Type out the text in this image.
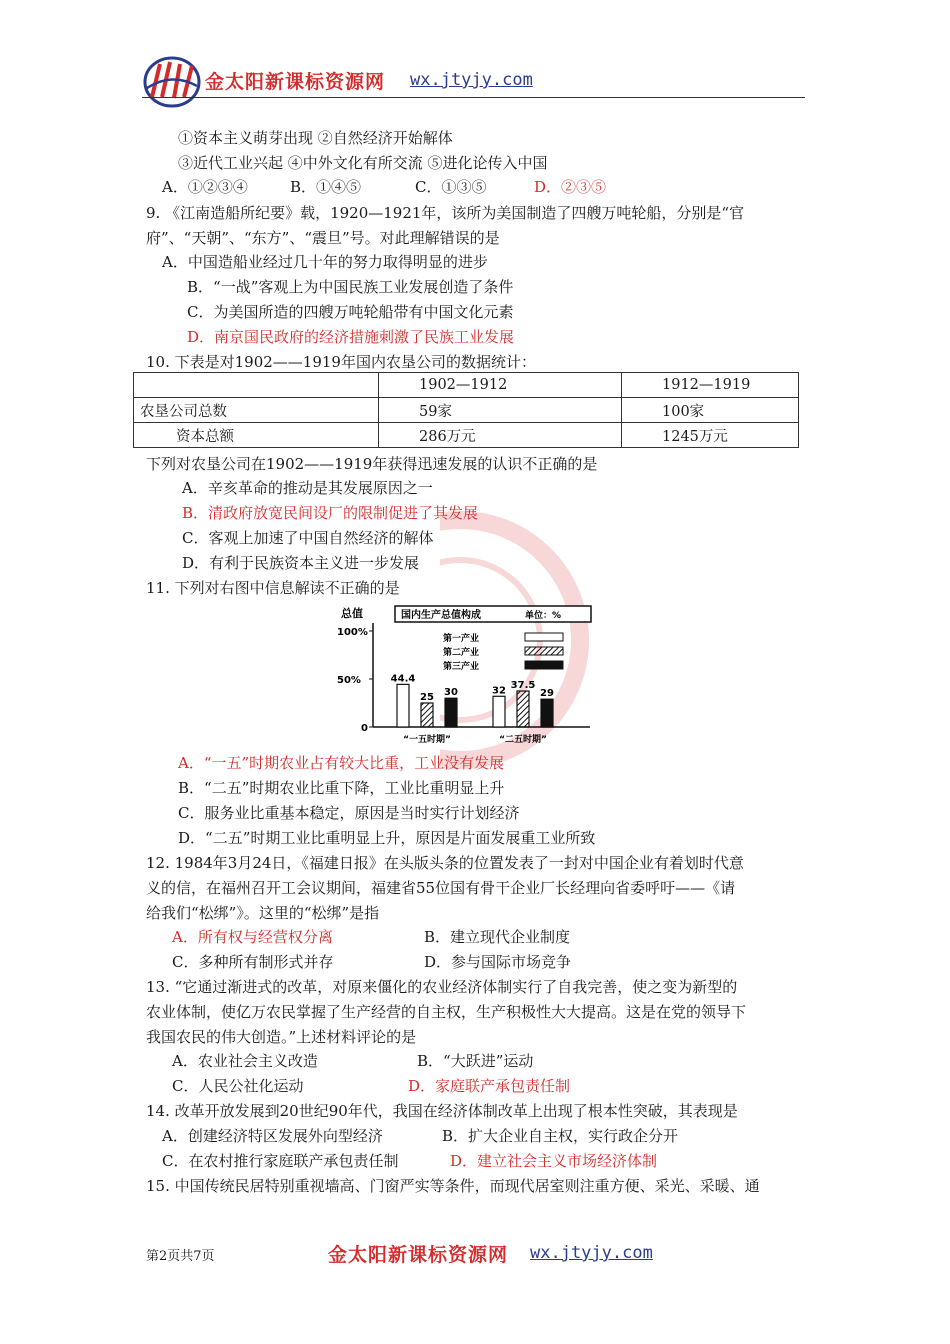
金太阳新课标资源网 wx.jtyjy.com
①资本主义萌芽出现 ②自然经济开始解体
③近代工业兴起 ④中外文化有所交流 ⑤进化论传入中国
A．①②③④	B．①④⑤	C．①③⑤	D．②③⑤
9. 《江南造船所纪要》载，1920—1921年，该所为美国制造了四艘万吨轮船，分别是“官
府”、“天朝”、“东方”、“震旦”号。对此理解错误的是
A．中国造船业经过几十年的努力取得明显的进步
B．“一战”客观上为中国民族工业发展创造了条件
C．为美国所造的四艘万吨轮船带有中国文化元素
D．南京国民政府的经济措施刺激了民族工业发展
10. 下表是对1902——1919年国内农垦公司的数据统计：
	1902—1912	1912—1919
农垦公司总数	59家	100家
资本总额	286万元	1245万元
下列对农垦公司在1902——1919年获得迅速发展的认识不正确的是
A．辛亥革命的推动是其发展原因之一
B．清政府放宽民间设厂的限制促进了其发展
C．客观上加速了中国自然经济的解体
D．有利于民族资本主义进一步发展
11. 下列对右图中信息解读不正确的是
总值
100%
50%
0
国内生产总值构成	单位：%
第一产业
第二产业
第三产业
44.4
25 30
“一五时期”
32 37.5
29
“二五时期”
A．“一五”时期农业占有较大比重，工业没有发展
B．“二五”时期农业比重下降，工业比重明显上升
C．服务业比重基本稳定，原因是当时实行计划经济
D．“二五”时期工业比重明显上升，原因是片面发展重工业所致
12. 1984年3月24日，《福建日报》在头版头条的位置发表了一封对中国企业有着划时代意
义的信，在福州召开工会议期间，福建省55位国有骨干企业厂长经理向省委呼吁——《请
给我们“松绑”》。这里的“松绑”是指
A．所有权与经营权分离	B．建立现代企业制度
C．多种所有制形式并存	D．参与国际市场竞争
13. “它通过渐进式的改革，对原来僵化的农业经济体制实行了自我完善，使之变为新型的
农业体制，使亿万农民掌握了生产经营的自主权，生产积极性大大提高。这是在党的领导下
我国农民的伟大创造。”上述材料评论的是
A．农业社会主义改造	B．“大跃进”运动
C．人民公社化运动	D．家庭联产承包责任制
14. 改革开放发展到20世纪90年代，我国在经济体制改革上出现了根本性突破，其表现是
A．创建经济特区发展外向型经济	B．扩大企业自主权，实行政企分开
C．在农村推行家庭联产承包责任制	D．建立社会主义市场经济体制
15. 中国传统民居特别重视墙高、门窗严实等条件，而现代居室则注重方便、采光、采暖、通
第2页共7页	金太阳新课标资源网 wx.jtyjy.com
